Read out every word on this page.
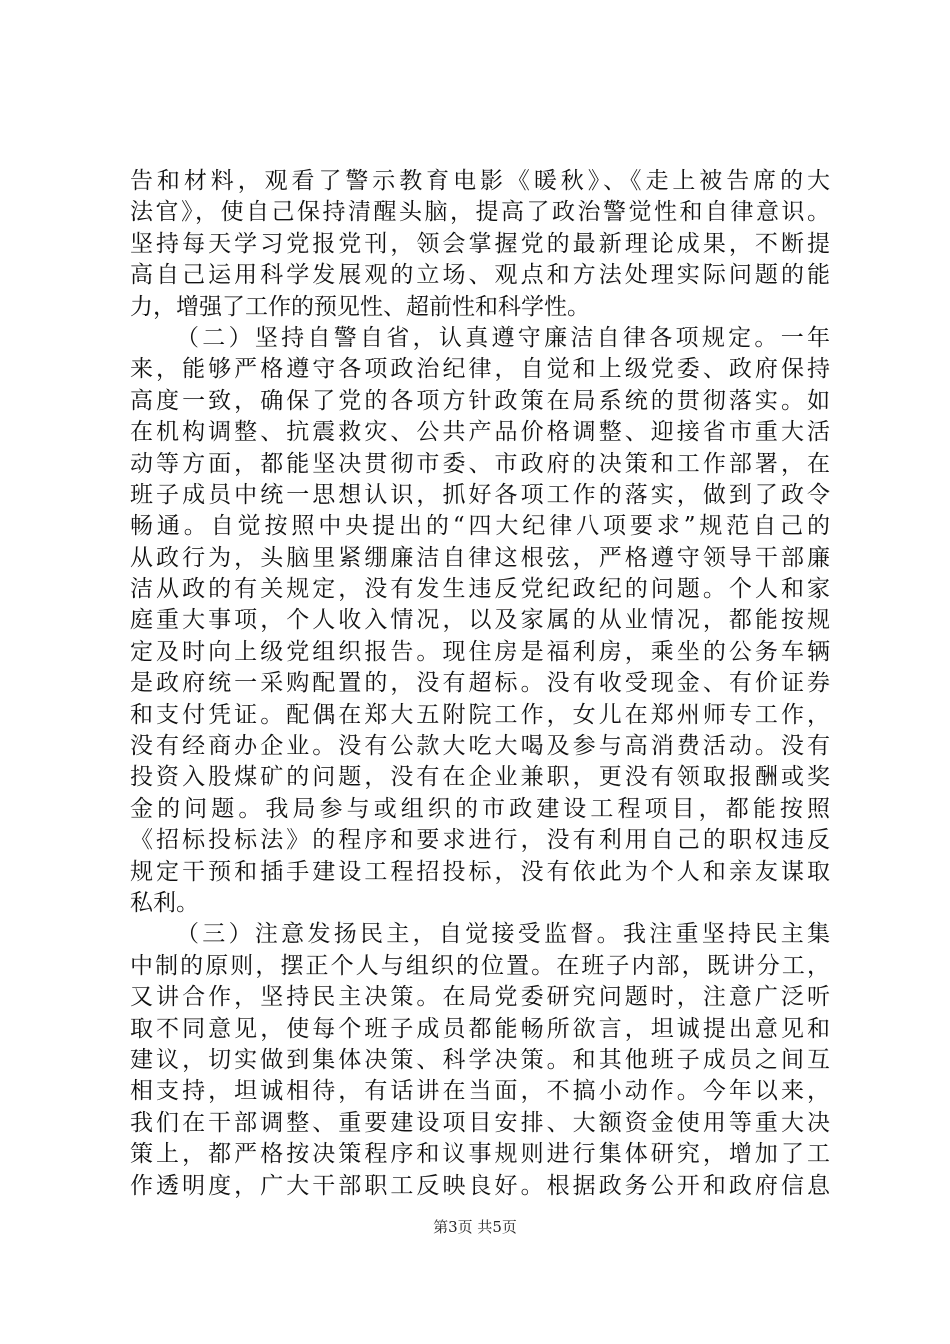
告和材料，观看了警示教育电影《暖秋》、《走上被告席的大
法官》，使自己保持清醒头脑，提高了政治警觉性和自律意识。
坚持每天学习党报党刊，领会掌握党的最新理论成果，不断提
高自己运用科学发展观的立场、观点和方法处理实际问题的能
力，增强了工作的预见性、超前性和科学性。
（二）坚持自警自省，认真遵守廉洁自律各项规定。一年
来，能够严格遵守各项政治纪律，自觉和上级党委、政府保持
高度一致，确保了党的各项方针政策在局系统的贯彻落实。如
在机构调整、抗震救灾、公共产品价格调整、迎接省市重大活
动等方面，都能坚决贯彻市委、市政府的决策和工作部署，在
班子成员中统一思想认识，抓好各项工作的落实，做到了政令
畅通。自觉按照中央提出的“四大纪律八项要求”规范自己的
从政行为，头脑里紧绷廉洁自律这根弦，严格遵守领导干部廉
洁从政的有关规定，没有发生违反党纪政纪的问题。个人和家
庭重大事项，个人收入情况，以及家属的从业情况，都能按规
定及时向上级党组织报告。现住房是福利房，乘坐的公务车辆
是政府统一采购配置的，没有超标。没有收受现金、有价证券
和支付凭证。配偶在郑大五附院工作，女儿在郑州师专工作，
没有经商办企业。没有公款大吃大喝及参与高消费活动。没有
投资入股煤矿的问题，没有在企业兼职，更没有领取报酬或奖
金的问题。我局参与或组织的市政建设工程项目，都能按照
《招标投标法》的程序和要求进行，没有利用自己的职权违反
规定干预和插手建设工程招投标，没有依此为个人和亲友谋取
私利。
（三）注意发扬民主，自觉接受监督。我注重坚持民主集
中制的原则，摆正个人与组织的位置。在班子内部，既讲分工，
又讲合作，坚持民主决策。在局党委研究问题时，注意广泛听
取不同意见，使每个班子成员都能畅所欲言，坦诚提出意见和
建议，切实做到集体决策、科学决策。和其他班子成员之间互
相支持，坦诚相待，有话讲在当面，不搞小动作。今年以来，
我们在干部调整、重要建设项目安排、大额资金使用等重大决
策上，都严格按决策程序和议事规则进行集体研究，增加了工
作透明度，广大干部职工反映良好。根据政务公开和政府信息
第3页 共5页
